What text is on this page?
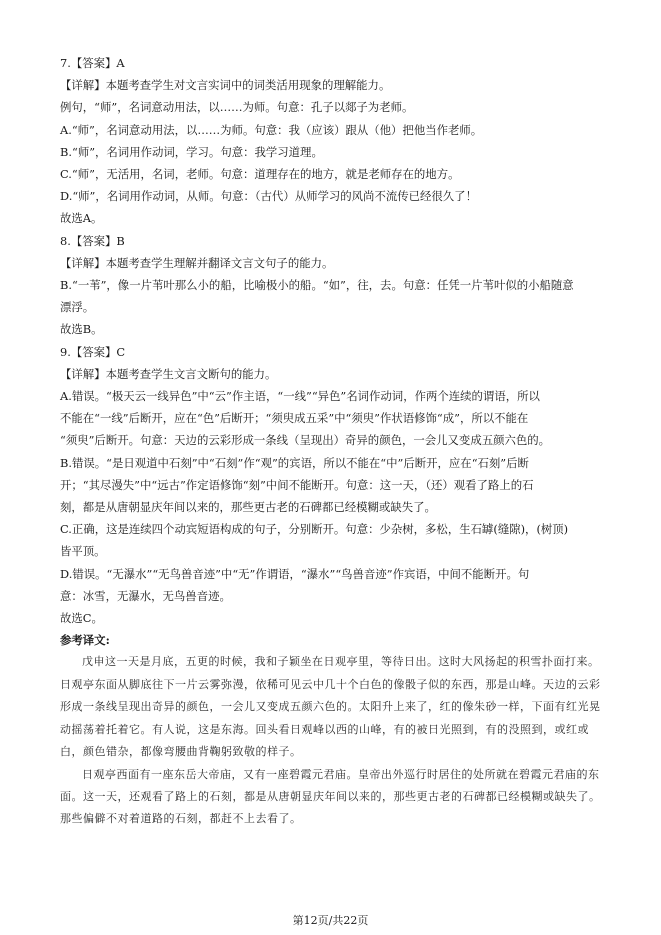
7.【答案】A
【详解】本题考查学生对文言实词中的词类活用现象的理解能力。
例句，“师”，名词意动用法，以……为师。句意：孔子以郯子为老师。
A.“师”，名词意动用法，以……为师。句意：我（应该）跟从（他）把他当作老师。
B.“师”，名词用作动词，学习。句意：我学习道理。
C.“师”，无活用，名词，老师。句意：道理存在的地方，就是老师存在的地方。
D.“师”，名词用作动词，从师。句意：（古代）从师学习的风尚不流传已经很久了！
故选A。
8.【答案】B
【详解】本题考查学生理解并翻译文言文句子的能力。
B.“一苇”，像一片苇叶那么小的船，比喻极小的船。“如”，往，去。句意：任凭一片苇叶似的小船随意
漂浮。
故选B。
9.【答案】C
【详解】本题考查学生文言文断句的能力。
A.错误。“极天云一线异色”中“云”作主语，“一线”“异色”名词作动词，作两个连续的谓语，所以
不能在“一线”后断开，应在“色”后断开；“须臾成五采”中“须臾”作状语修饰“成”，所以不能在
“须臾”后断开。句意：天边的云彩形成一条线（呈现出）奇异的颜色，一会儿又变成五颜六色的。
B.错误。“是日观道中石刻”中“石刻”作“观”的宾语，所以不能在“中”后断开，应在“石刻”后断
开；“其尽漫失”中“远古”作定语修饰“刻”中间不能断开。句意：这一天，（还）观看了路上的石
刻，都是从唐朝显庆年间以来的，那些更古老的石碑都已经模糊或缺失了。
C.正确，这是连续四个动宾短语构成的句子，分别断开。句意：少杂树，多松，生石罅(缝隙)，(树顶)
皆平顶。
D.错误。“无瀑水”“无鸟兽音迹”中“无”作谓语，“瀑水”“鸟兽音迹”作宾语，中间不能断开。句
意：冰雪，无瀑水，无鸟兽音迹。
故选C。
参考译文:
戊申这一天是月底，五更的时候，我和子颖坐在日观亭里，等待日出。这时大风扬起的积雪扑面打来。日观亭东面从脚底往下一片云雾弥漫，依稀可见云中几十个白色的像骰子似的东西，那是山峰。天边的云彩形成一条线呈现出奇异的颜色，一会儿又变成五颜六色的。太阳升上来了，红的像朱砂一样，下面有红光晃动摇荡着托着它。有人说，这是东海。回头看日观峰以西的山峰，有的被日光照到，有的没照到，或红或白，颜色错杂，都像弯腰曲背鞠躬致敬的样子。
日观亭西面有一座东岳大帝庙，又有一座碧霞元君庙。皇帝出外巡行时居住的处所就在碧霞元君庙的东面。这一天，还观看了路上的石刻，都是从唐朝显庆年间以来的，那些更古老的石碑都已经模糊或缺失了。那些偏僻不对着道路的石刻，都赶不上去看了。
第12页/共22页
